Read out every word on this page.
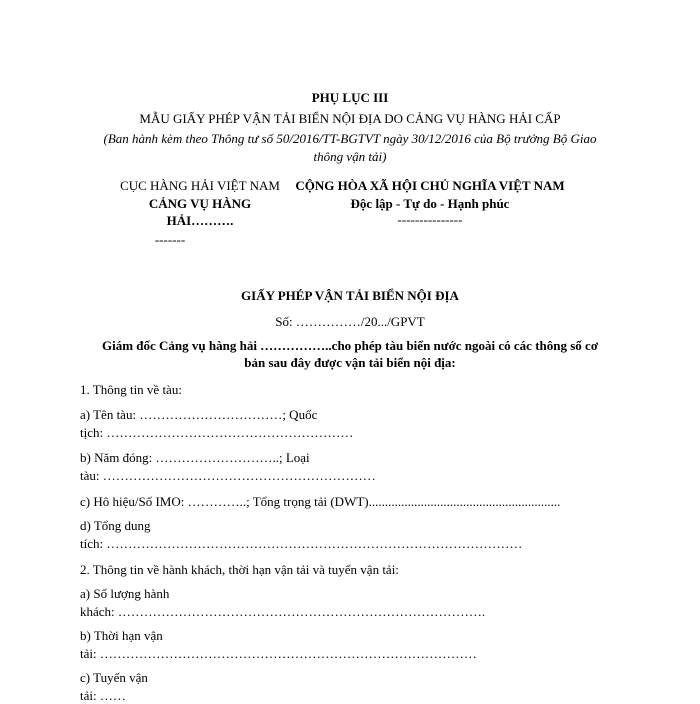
PHỤ LỤC III
MẪU GIẤY PHÉP VẬN TẢI BIỂN NỘI ĐỊA DO CẢNG VỤ HÀNG HẢI CẤP
(Ban hành kèm theo Thông tư số 50/2016/TT-BGTVT ngày 30/12/2016 của Bộ trưởng Bộ Giao
thông vận tải)
CỤC HÀNG HẢI VIỆT NAM
CẢNG VỤ HÀNG
HẢI……….
-------
CỘNG HÒA XÃ HỘI CHỦ NGHĨA VIỆT NAM
Độc lập - Tự do - Hạnh phúc
---------------
GIẤY PHÉP VẬN TẢI BIỂN NỘI ĐỊA
Số: ……………/20.../GPVT
Giám đốc Cảng vụ hàng hải ……………..cho phép tàu biển nước ngoài có các thông số cơ
bản sau đây được vận tải biển nội địa:
1. Thông tin về tàu:
a) Tên tàu: ……………………………; Quốc
tịch: …………………………………………………
b) Năm đóng: ………………………..; Loại
tàu: ………………………………………………………
c) Hô hiệu/Số IMO: …………..; Tổng trọng tải (DWT)...........................................................
d) Tổng dung
tích: ……………………………………………………………………………………
2. Thông tin về hành khách, thời hạn vận tải và tuyến vận tải:
a) Số lượng hành
khách: ………………………………………………………………………….
b) Thời hạn vận
tải: ……………………………………………………………………………
c) Tuyến vận
tải: ……
